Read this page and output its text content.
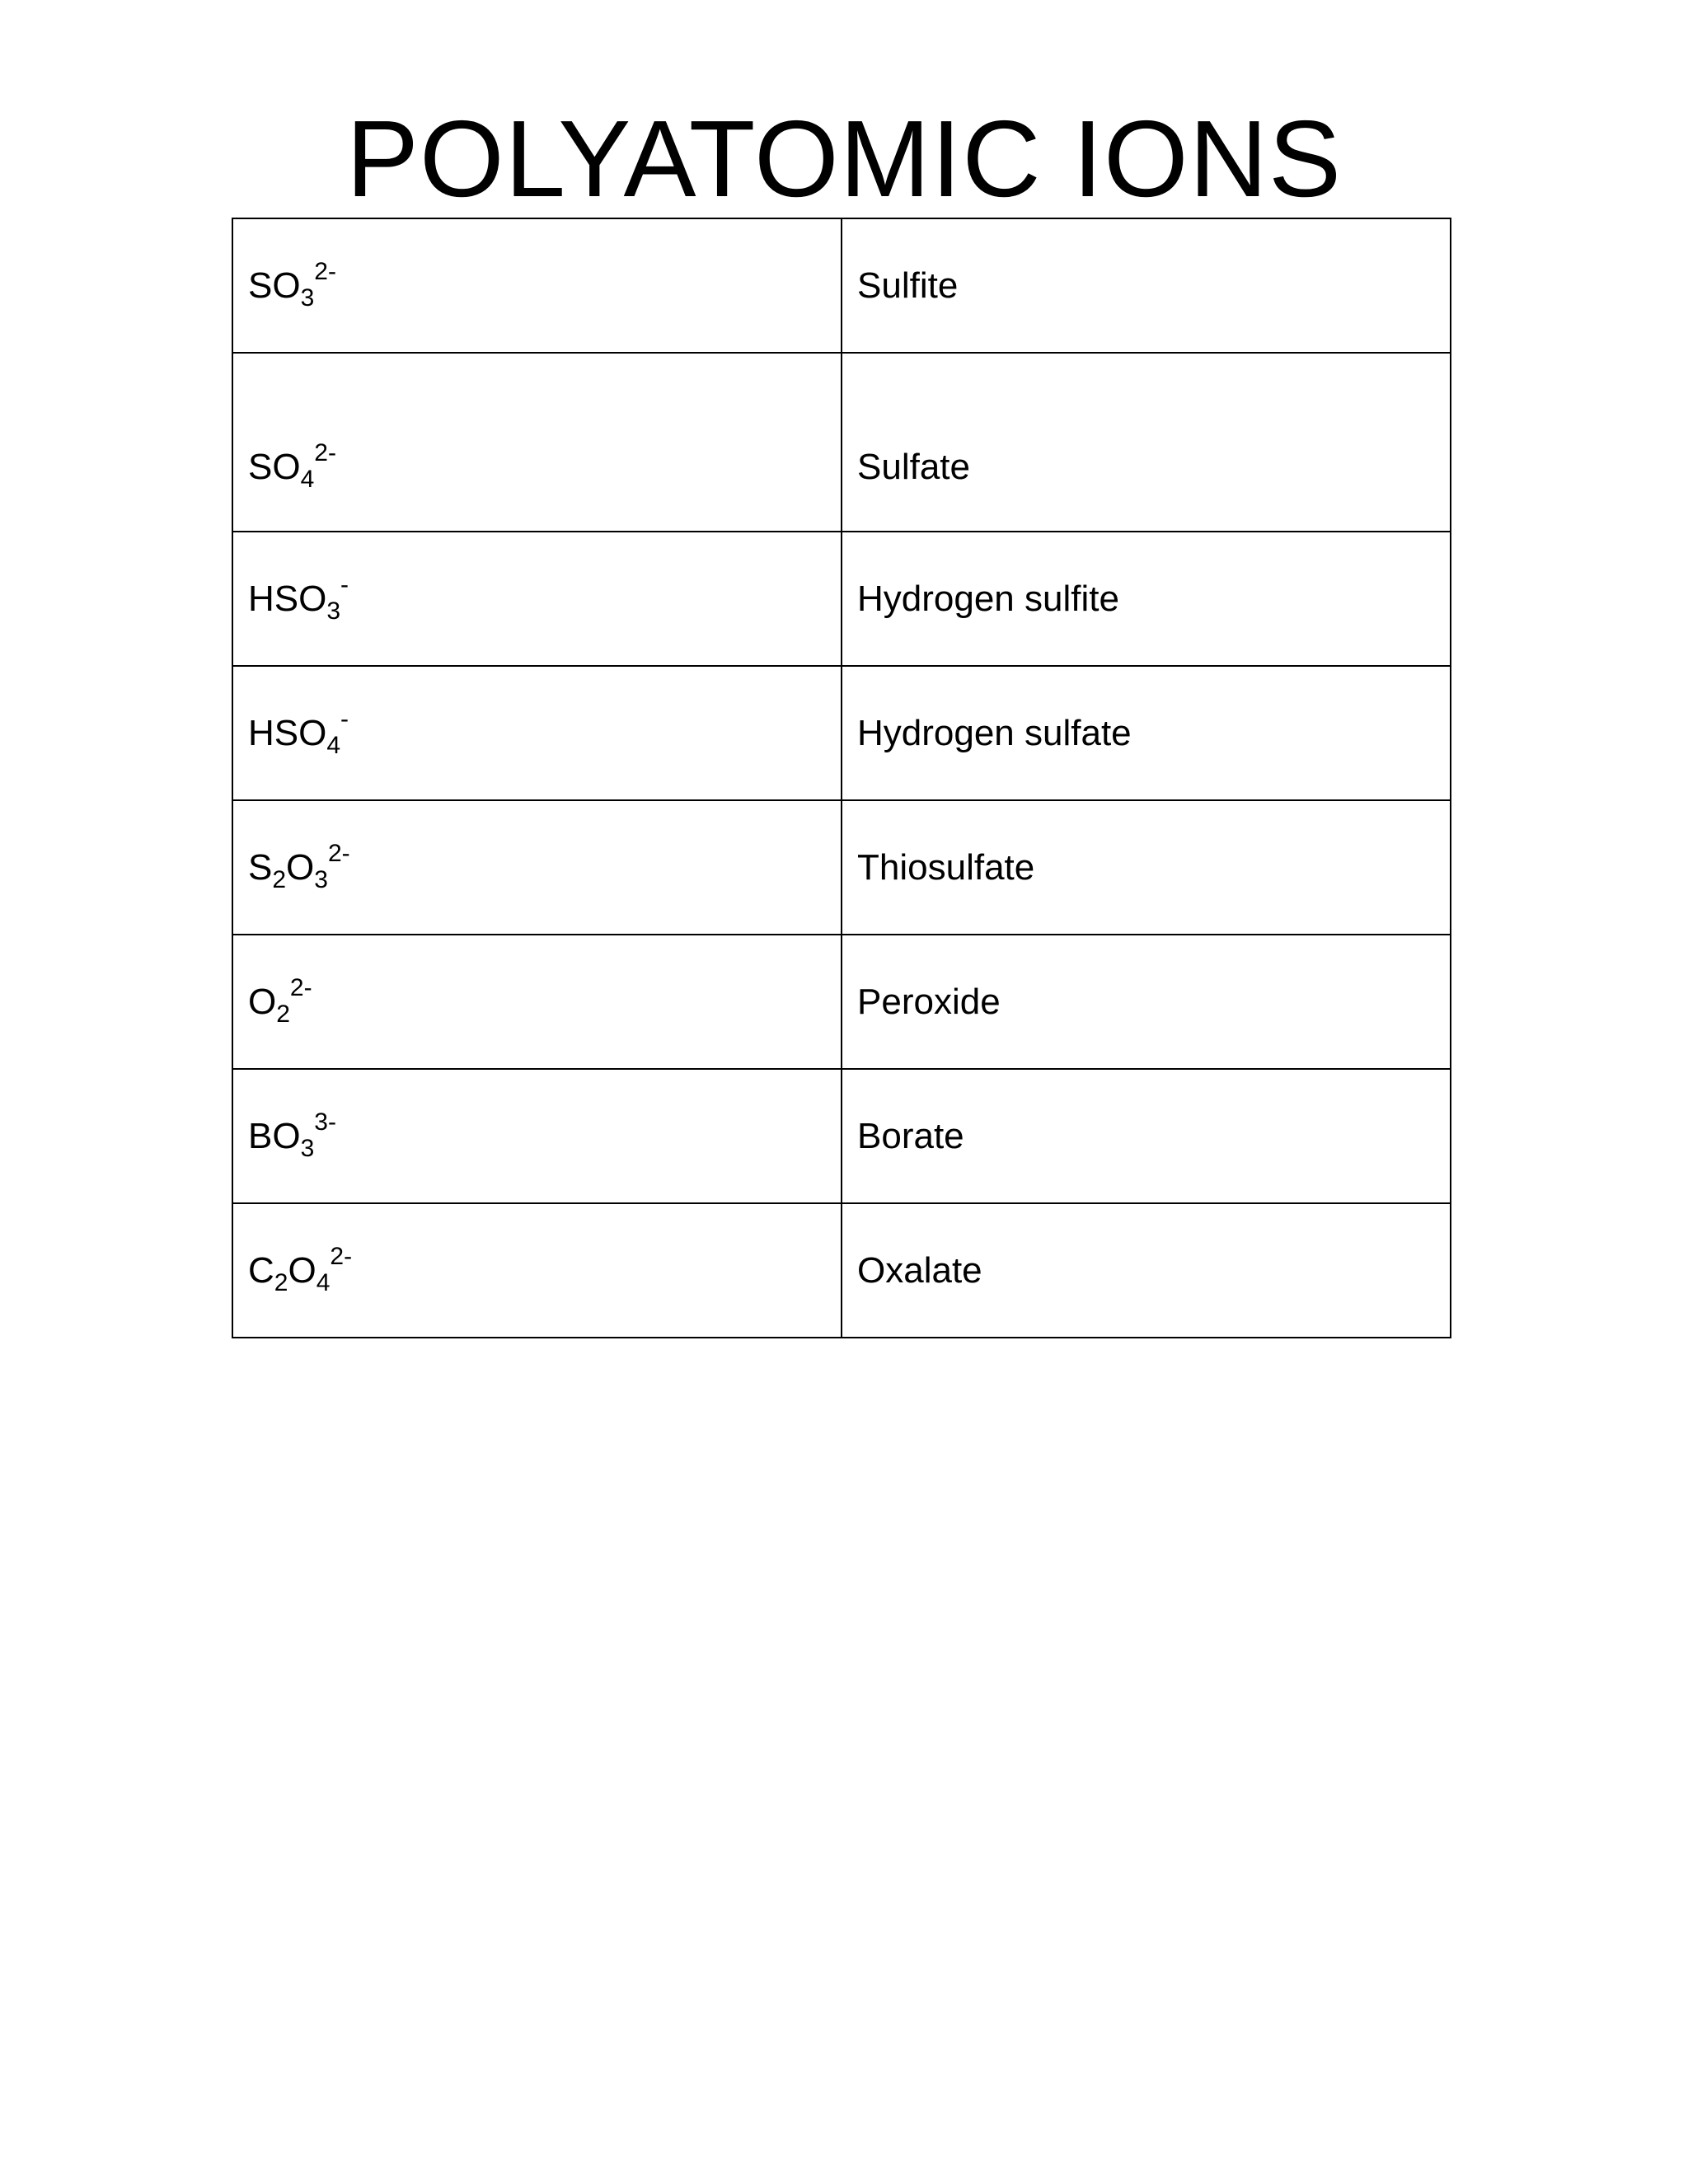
POLYATOMIC IONS
$SO_3^{2-}$	Sulfite
$SO_4^{2-}$	Sulfate
$HSO_3^-$	Hydrogen sulfite
$HSO_4^-$	Hydrogen sulfate
$S_2O_3^{2-}$	Thiosulfate
$O_2^{2-}$	Peroxide
$BO_3^{3-}$	Borate
$C_2O_4^{2-}$	Oxalate
